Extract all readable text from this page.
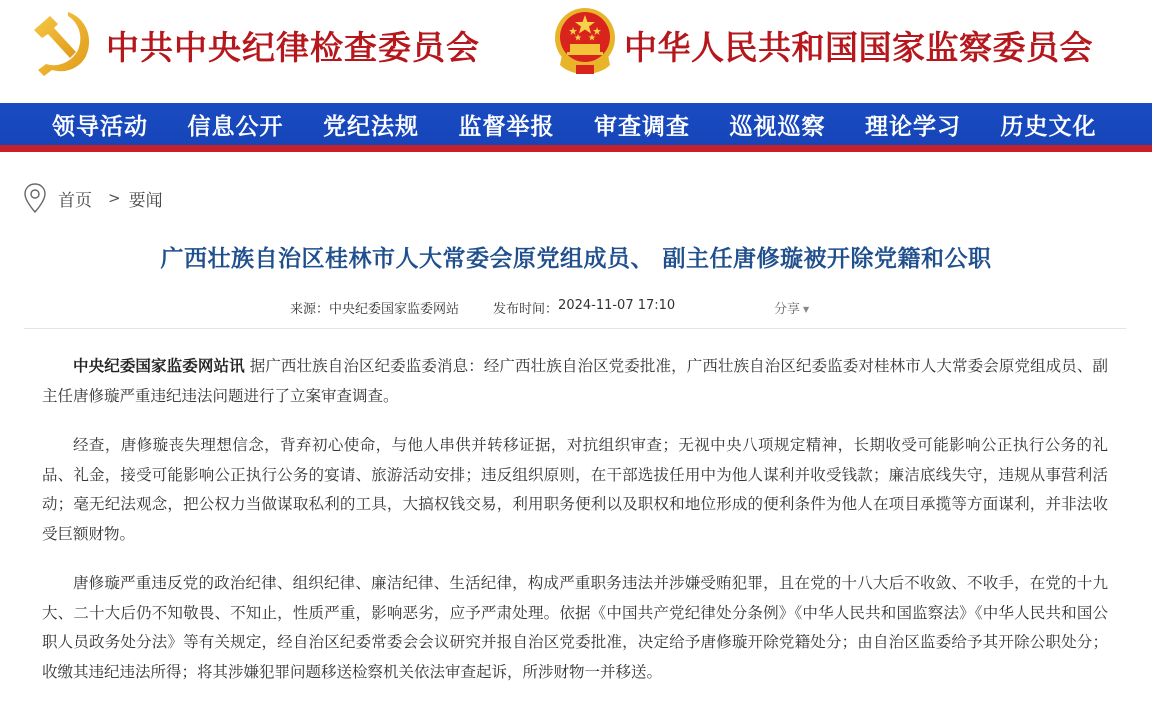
中共中央纪律检查委员会	中华人民共和国国家监察委员会
领导活动	信息公开	党纪法规	监督举报	审查调查	巡视巡察	理论学习	历史文化
首页 > 要闻
广西壮族自治区桂林市人大常委会原党组成员、 副主任唐修璇被开除党籍和公职
来源： 中央纪委国家监委网站	发布时间： 2024-11-07 17:10	分享 ▼

中央纪委国家监委网站讯 据广西壮族自治区纪委监委消息：经广西壮族自治区党委批准，广西壮族自治区纪委监委对桂林市人大常委会原党组成员、副主任唐修璇严重违纪违法问题进行了立案审查调查。

经查，唐修璇丧失理想信念，背弃初心使命，与他人串供并转移证据，对抗组织审查；无视中央八项规定精神，长期收受可能影响公正执行公务的礼品、礼金，接受可能影响公正执行公务的宴请、旅游活动安排；违反组织原则，在干部选拔任用中为他人谋利并收受钱款；廉洁底线失守，违规从事营利活动；毫无纪法观念，把公权力当做谋取私利的工具，大搞权钱交易，利用职务便利以及职权和地位形成的便利条件为他人在项目承揽等方面谋利，并非法收受巨额财物。

唐修璇严重违反党的政治纪律、组织纪律、廉洁纪律、生活纪律，构成严重职务违法并涉嫌受贿犯罪，且在党的十八大后不收敛、不收手，在党的十九大、二十大后仍不知敬畏、不知止，性质严重，影响恶劣，应予严肃处理。依据《中国共产党纪律处分条例》《中华人民共和国监察法》《中华人民共和国公职人员政务处分法》等有关规定，经自治区纪委常委会会议研究并报自治区党委批准，决定给予唐修璇开除党籍处分；由自治区监委给予其开除公职处分；收缴其违纪违法所得；将其涉嫌犯罪问题移送检察机关依法审查起诉，所涉财物一并移送。
